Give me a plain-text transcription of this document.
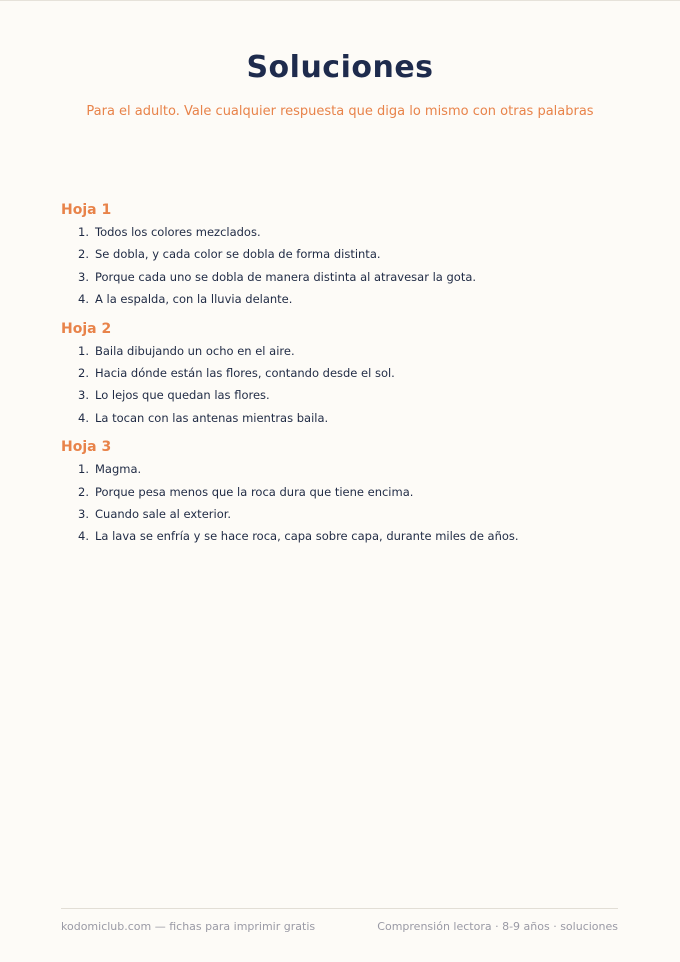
Soluciones
Para el adulto. Vale cualquier respuesta que diga lo mismo con otras palabras
Hoja 1
1. Todos los colores mezclados.
2. Se dobla, y cada color se dobla de forma distinta.
3. Porque cada uno se dobla de manera distinta al atravesar la gota.
4. A la espalda, con la lluvia delante.
Hoja 2
1. Baila dibujando un ocho en el aire.
2. Hacia dónde están las flores, contando desde el sol.
3. Lo lejos que quedan las flores.
4. La tocan con las antenas mientras baila.
Hoja 3
1. Magma.
2. Porque pesa menos que la roca dura que tiene encima.
3. Cuando sale al exterior.
4. La lava se enfría y se hace roca, capa sobre capa, durante miles de años.
kodomiclub.com — fichas para imprimir gratis	Comprensión lectora · 8-9 años · soluciones
